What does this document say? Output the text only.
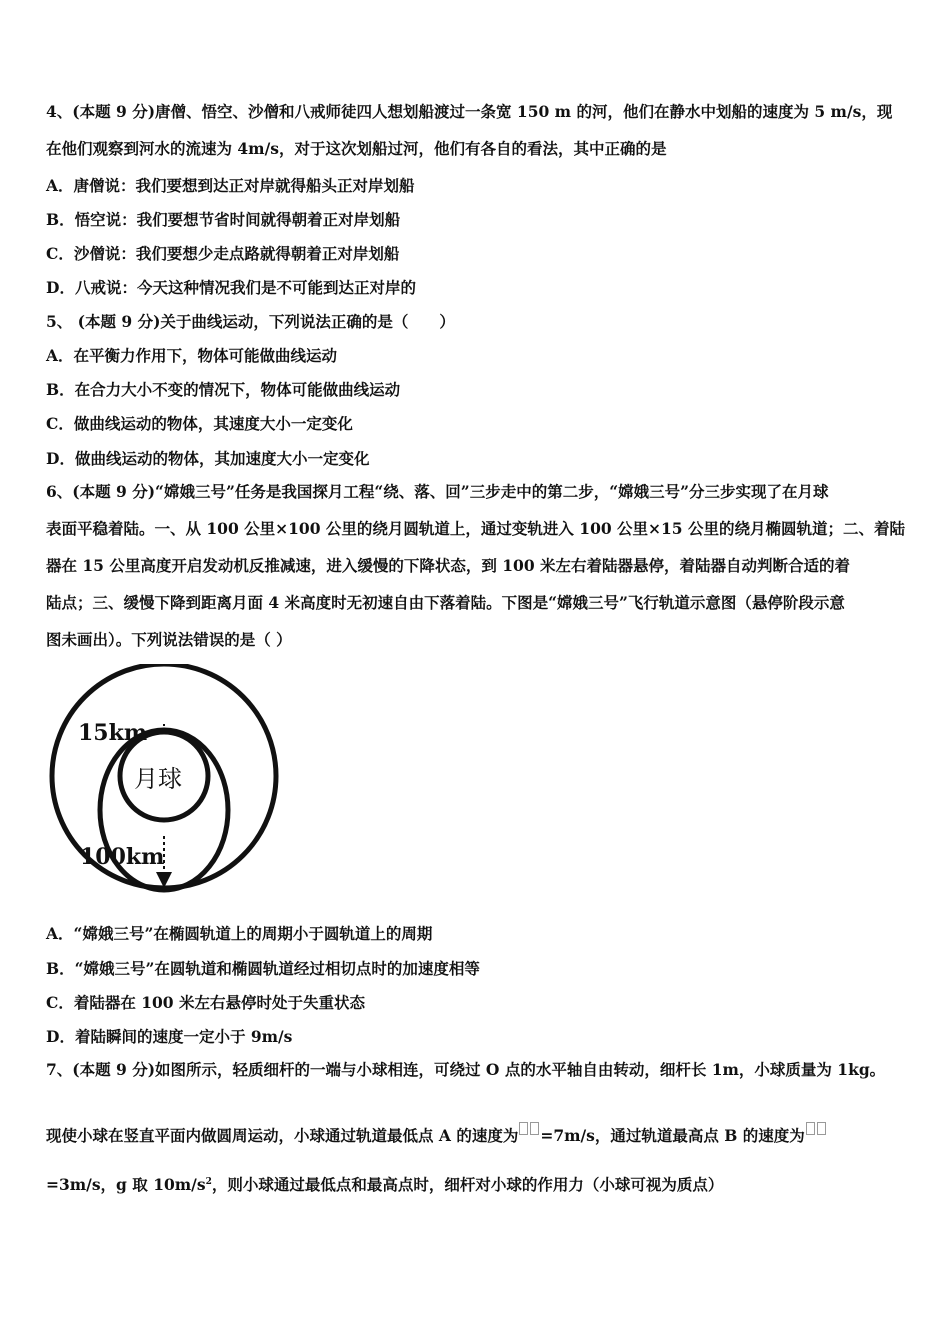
4、(本题 9 分)唐僧、悟空、沙僧和八戒师徒四人想划船渡过一条宽 150 m 的河，他们在静水中划船的速度为 5 m/s，现
在他们观察到河水的流速为 4m/s，对于这次划船过河，他们有各自的看法，其中正确的是
A．唐僧说：我们要想到达正对岸就得船头正对岸划船
B．悟空说：我们要想节省时间就得朝着正对岸划船
C．沙僧说：我们要想少走点路就得朝着正对岸划船
D．八戒说：今天这种情况我们是不可能到达正对岸的
5、 (本题 9 分)关于曲线运动，下列说法正确的是（　　）
A．在平衡力作用下，物体可能做曲线运动
B．在合力大小不变的情况下，物体可能做曲线运动
C．做曲线运动的物体，其速度大小一定变化
D．做曲线运动的物体，其加速度大小一定变化
6、(本题 9 分)“嫦娥三号”任务是我国探月工程“绕、落、回”三步走中的第二步，“嫦娥三号”分三步实现了在月球
表面平稳着陆。一、从 100 公里×100 公里的绕月圆轨道上，通过变轨进入 100 公里×15 公里的绕月椭圆轨道；二、着陆
器在 15 公里高度开启发动机反推减速，进入缓慢的下降状态，到 100 米左右着陆器悬停，着陆器自动判断合适的着
陆点；三、缓慢下降到距离月面 4 米高度时无初速自由下落着陆。下图是“嫦娥三号”飞行轨道示意图（悬停阶段示意
图未画出）。下列说法错误的是（ ）
15km
月球
100km
A．“嫦娥三号”在椭圆轨道上的周期小于圆轨道上的周期
B．“嫦娥三号”在圆轨道和椭圆轨道经过相切点时的加速度相等
C．着陆器在 100 米左右悬停时处于失重状态
D．着陆瞬间的速度一定小于 9m/s
7、(本题 9 分)如图所示，轻质细杆的一端与小球相连，可绕过 O 点的水平轴自由转动，细杆长 1m，小球质量为 1kg。
现使小球在竖直平面内做圆周运动，小球通过轨道最低点 A 的速度为 =7m/s，通过轨道最高点 B 的速度为
=3m/s，g 取 $10m/s^2$，则小球通过最低点和最高点时，细杆对小球的作用力（小球可视为质点）
